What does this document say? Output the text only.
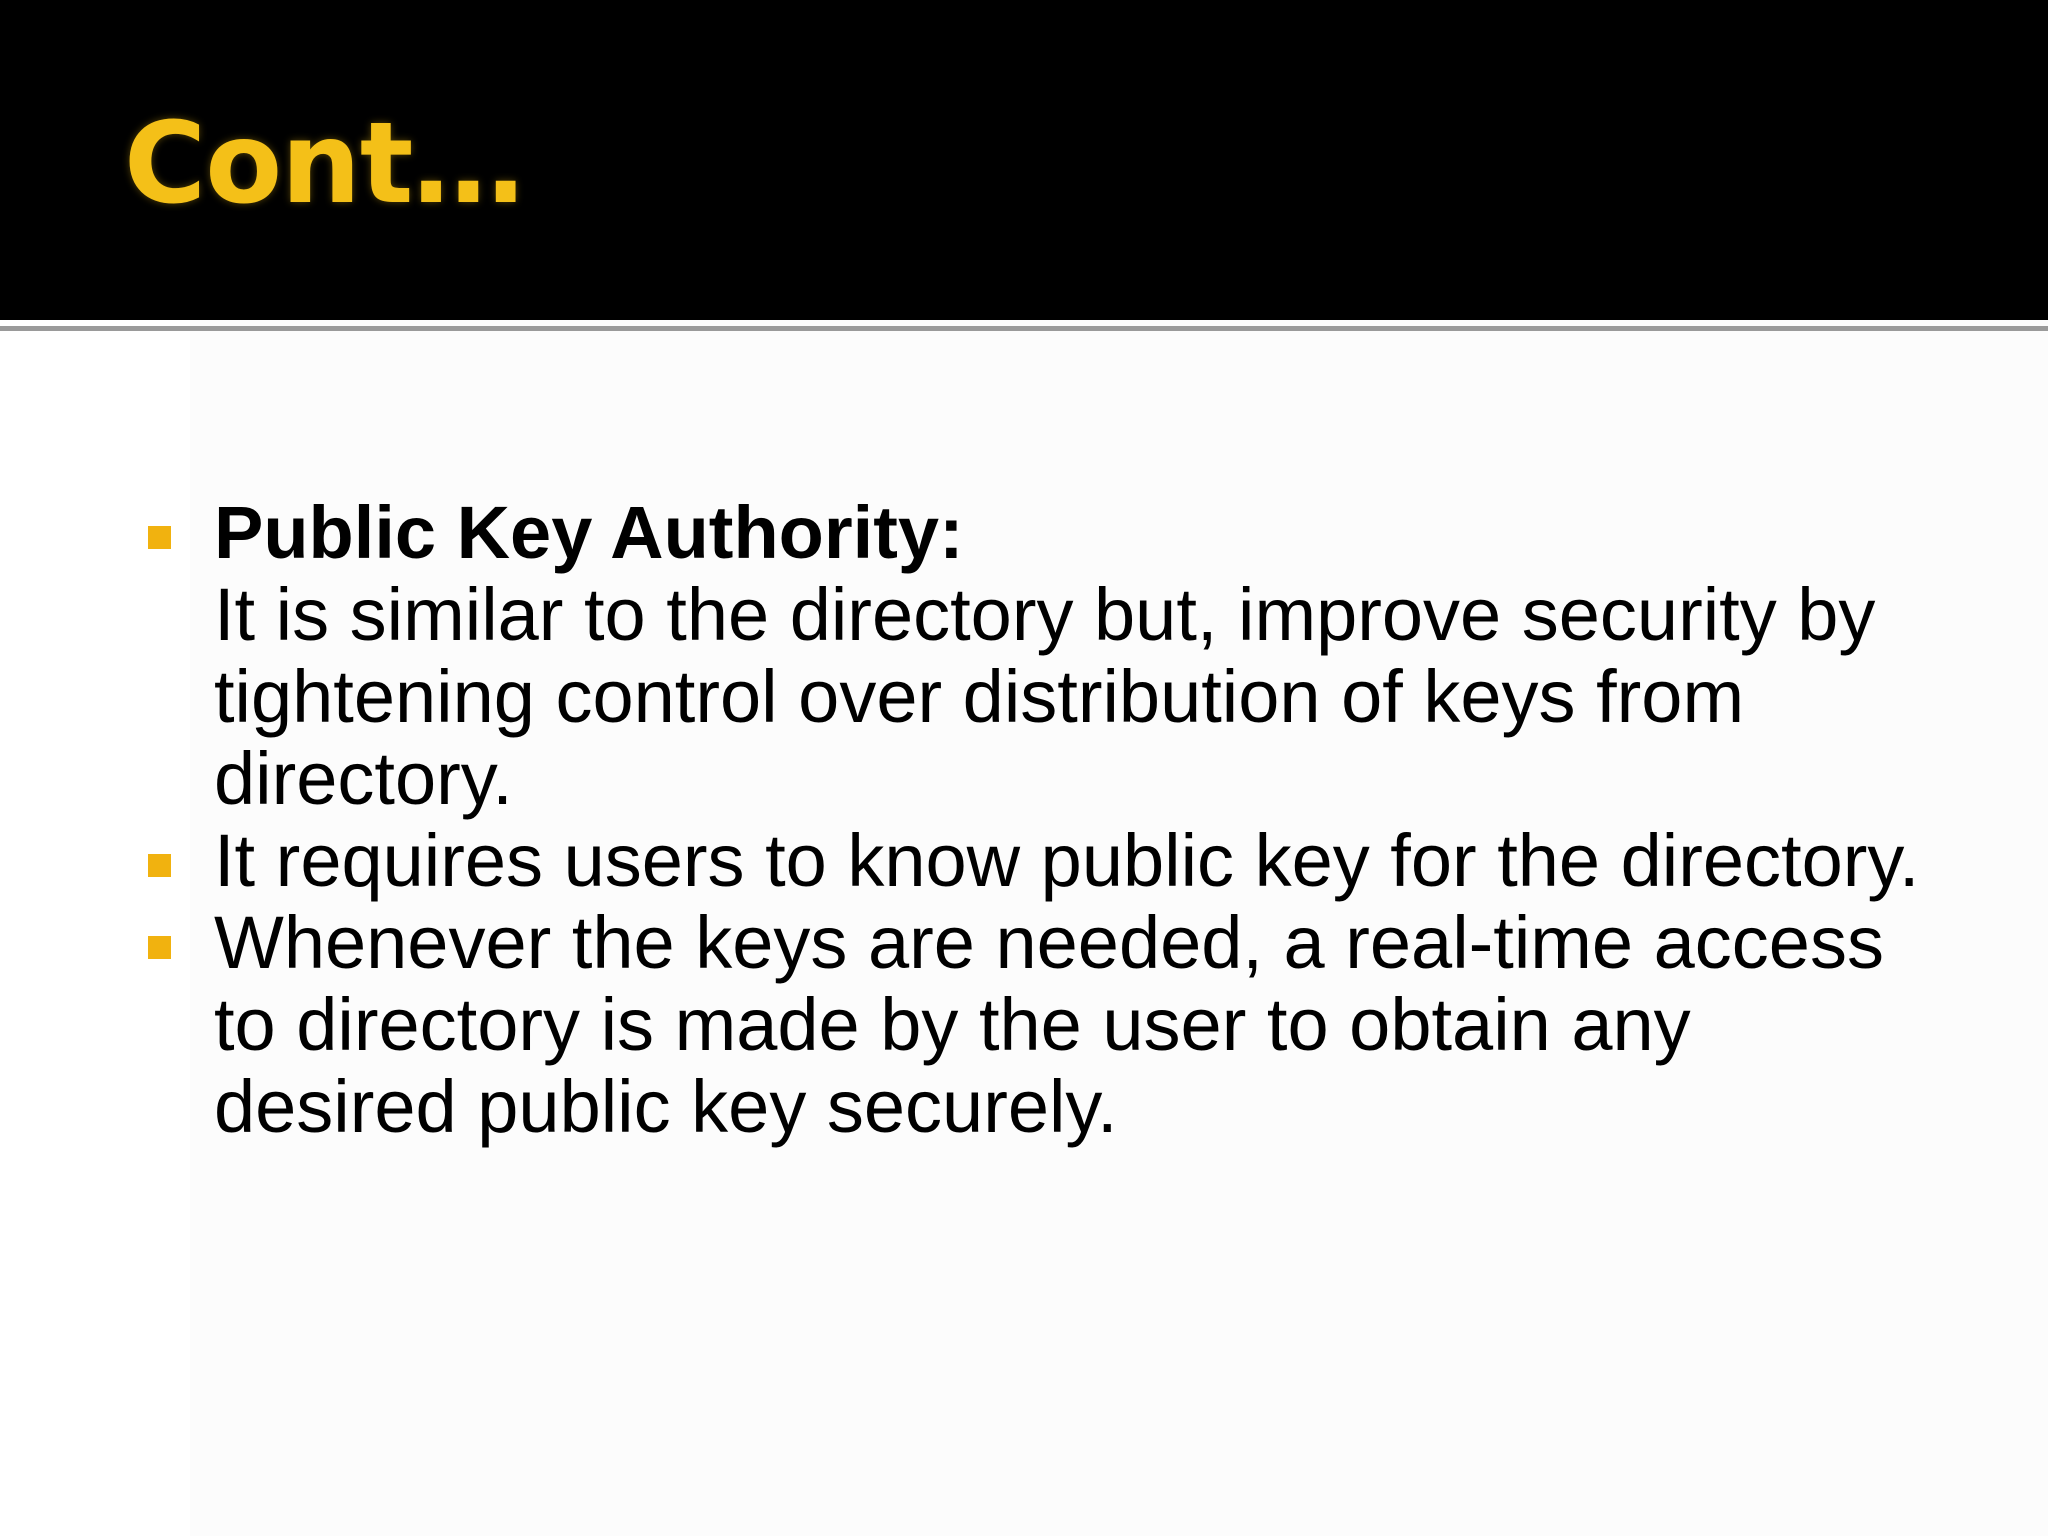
Cont…
Public Key Authority:
It is similar to the directory but, improve security by tightening control over distribution of keys from directory.
It requires users to know public key for the directory.
Whenever the keys are needed, a real-time access to directory is made by the user to obtain any desired public key securely.
